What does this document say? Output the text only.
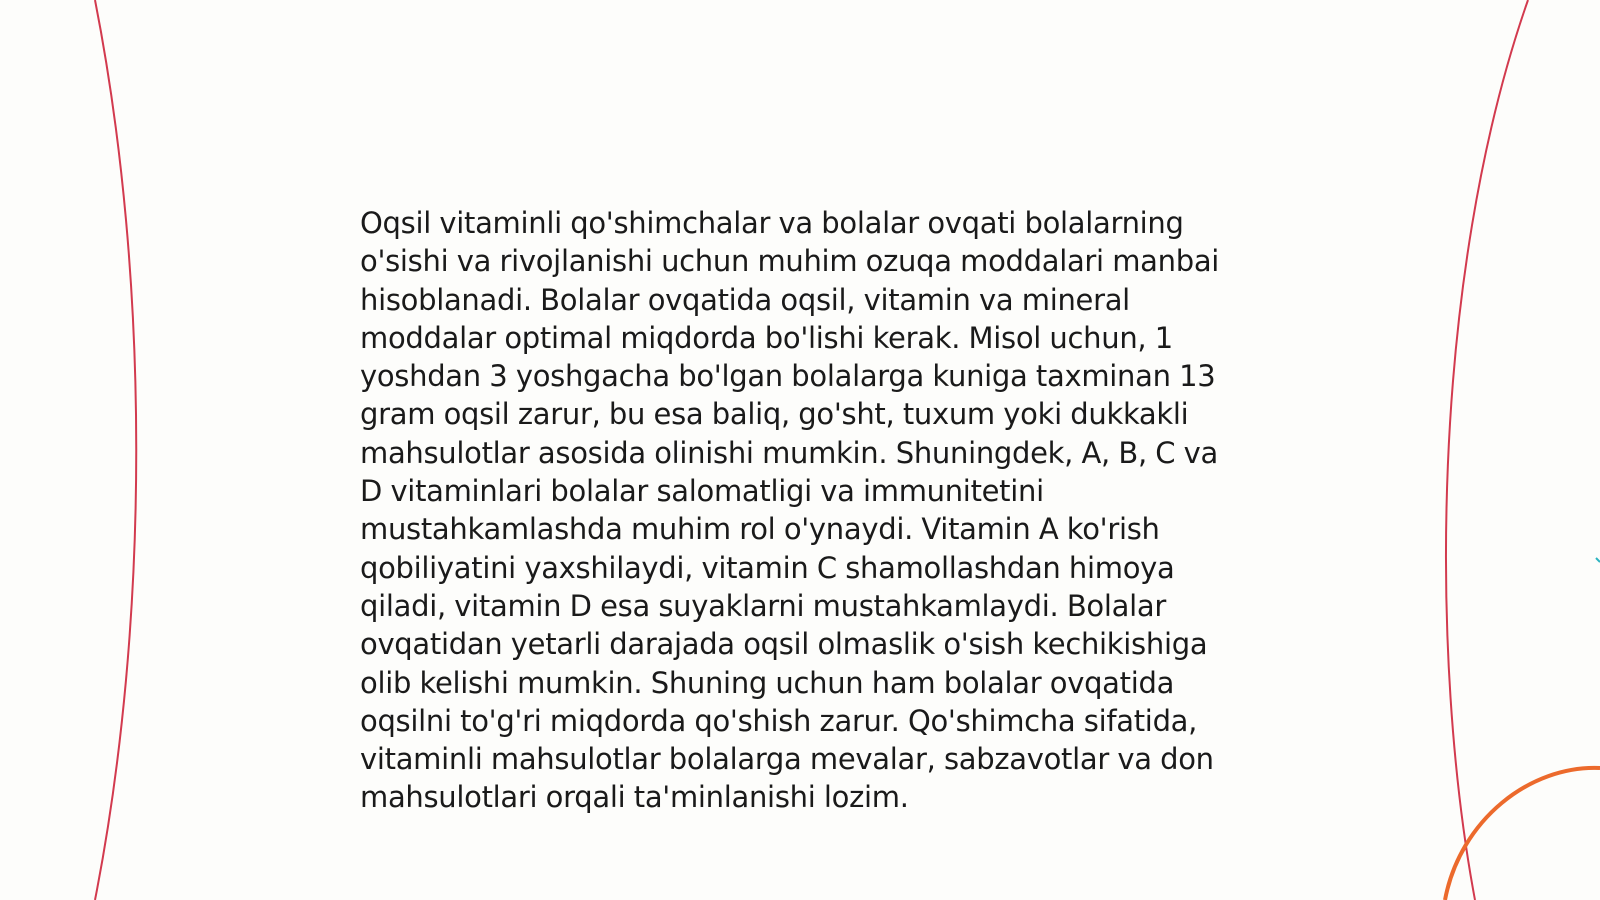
Oqsil vitaminli qo'shimchalar va bolalar ovqati bolalarning o'sishi va rivojlanishi uchun muhim ozuqa moddalari manbai hisoblanadi. Bolalar ovqatida oqsil, vitamin va mineral moddalar optimal miqdorda bo'lishi kerak. Misol uchun, 1 yoshdan 3 yoshgacha bo'lgan bolalarga kuniga taxminan 13 gram oqsil zarur, bu esa baliq, go'sht, tuxum yoki dukkakli mahsulotlar asosida olinishi mumkin. Shuningdek, A, B, C va D vitaminlari bolalar salomatligi va immunitetini mustahkamlashda muhim rol o'ynaydi. Vitamin A ko'rish qobiliyatini yaxshilaydi, vitamin C shamollashdan himoya qiladi, vitamin D esa suyaklarni mustahkamlaydi. Bolalar ovqatidan yetarli darajada oqsil olmaslik o'sish kechikishiga olib kelishi mumkin. Shuning uchun ham bolalar ovqatida oqsilni to'g'ri miqdorda qo'shish zarur. Qo'shimcha sifatida, vitaminli mahsulotlar bolalarga mevalar, sabzavotlar va don mahsulotlari orqali ta'minlanishi lozim.
